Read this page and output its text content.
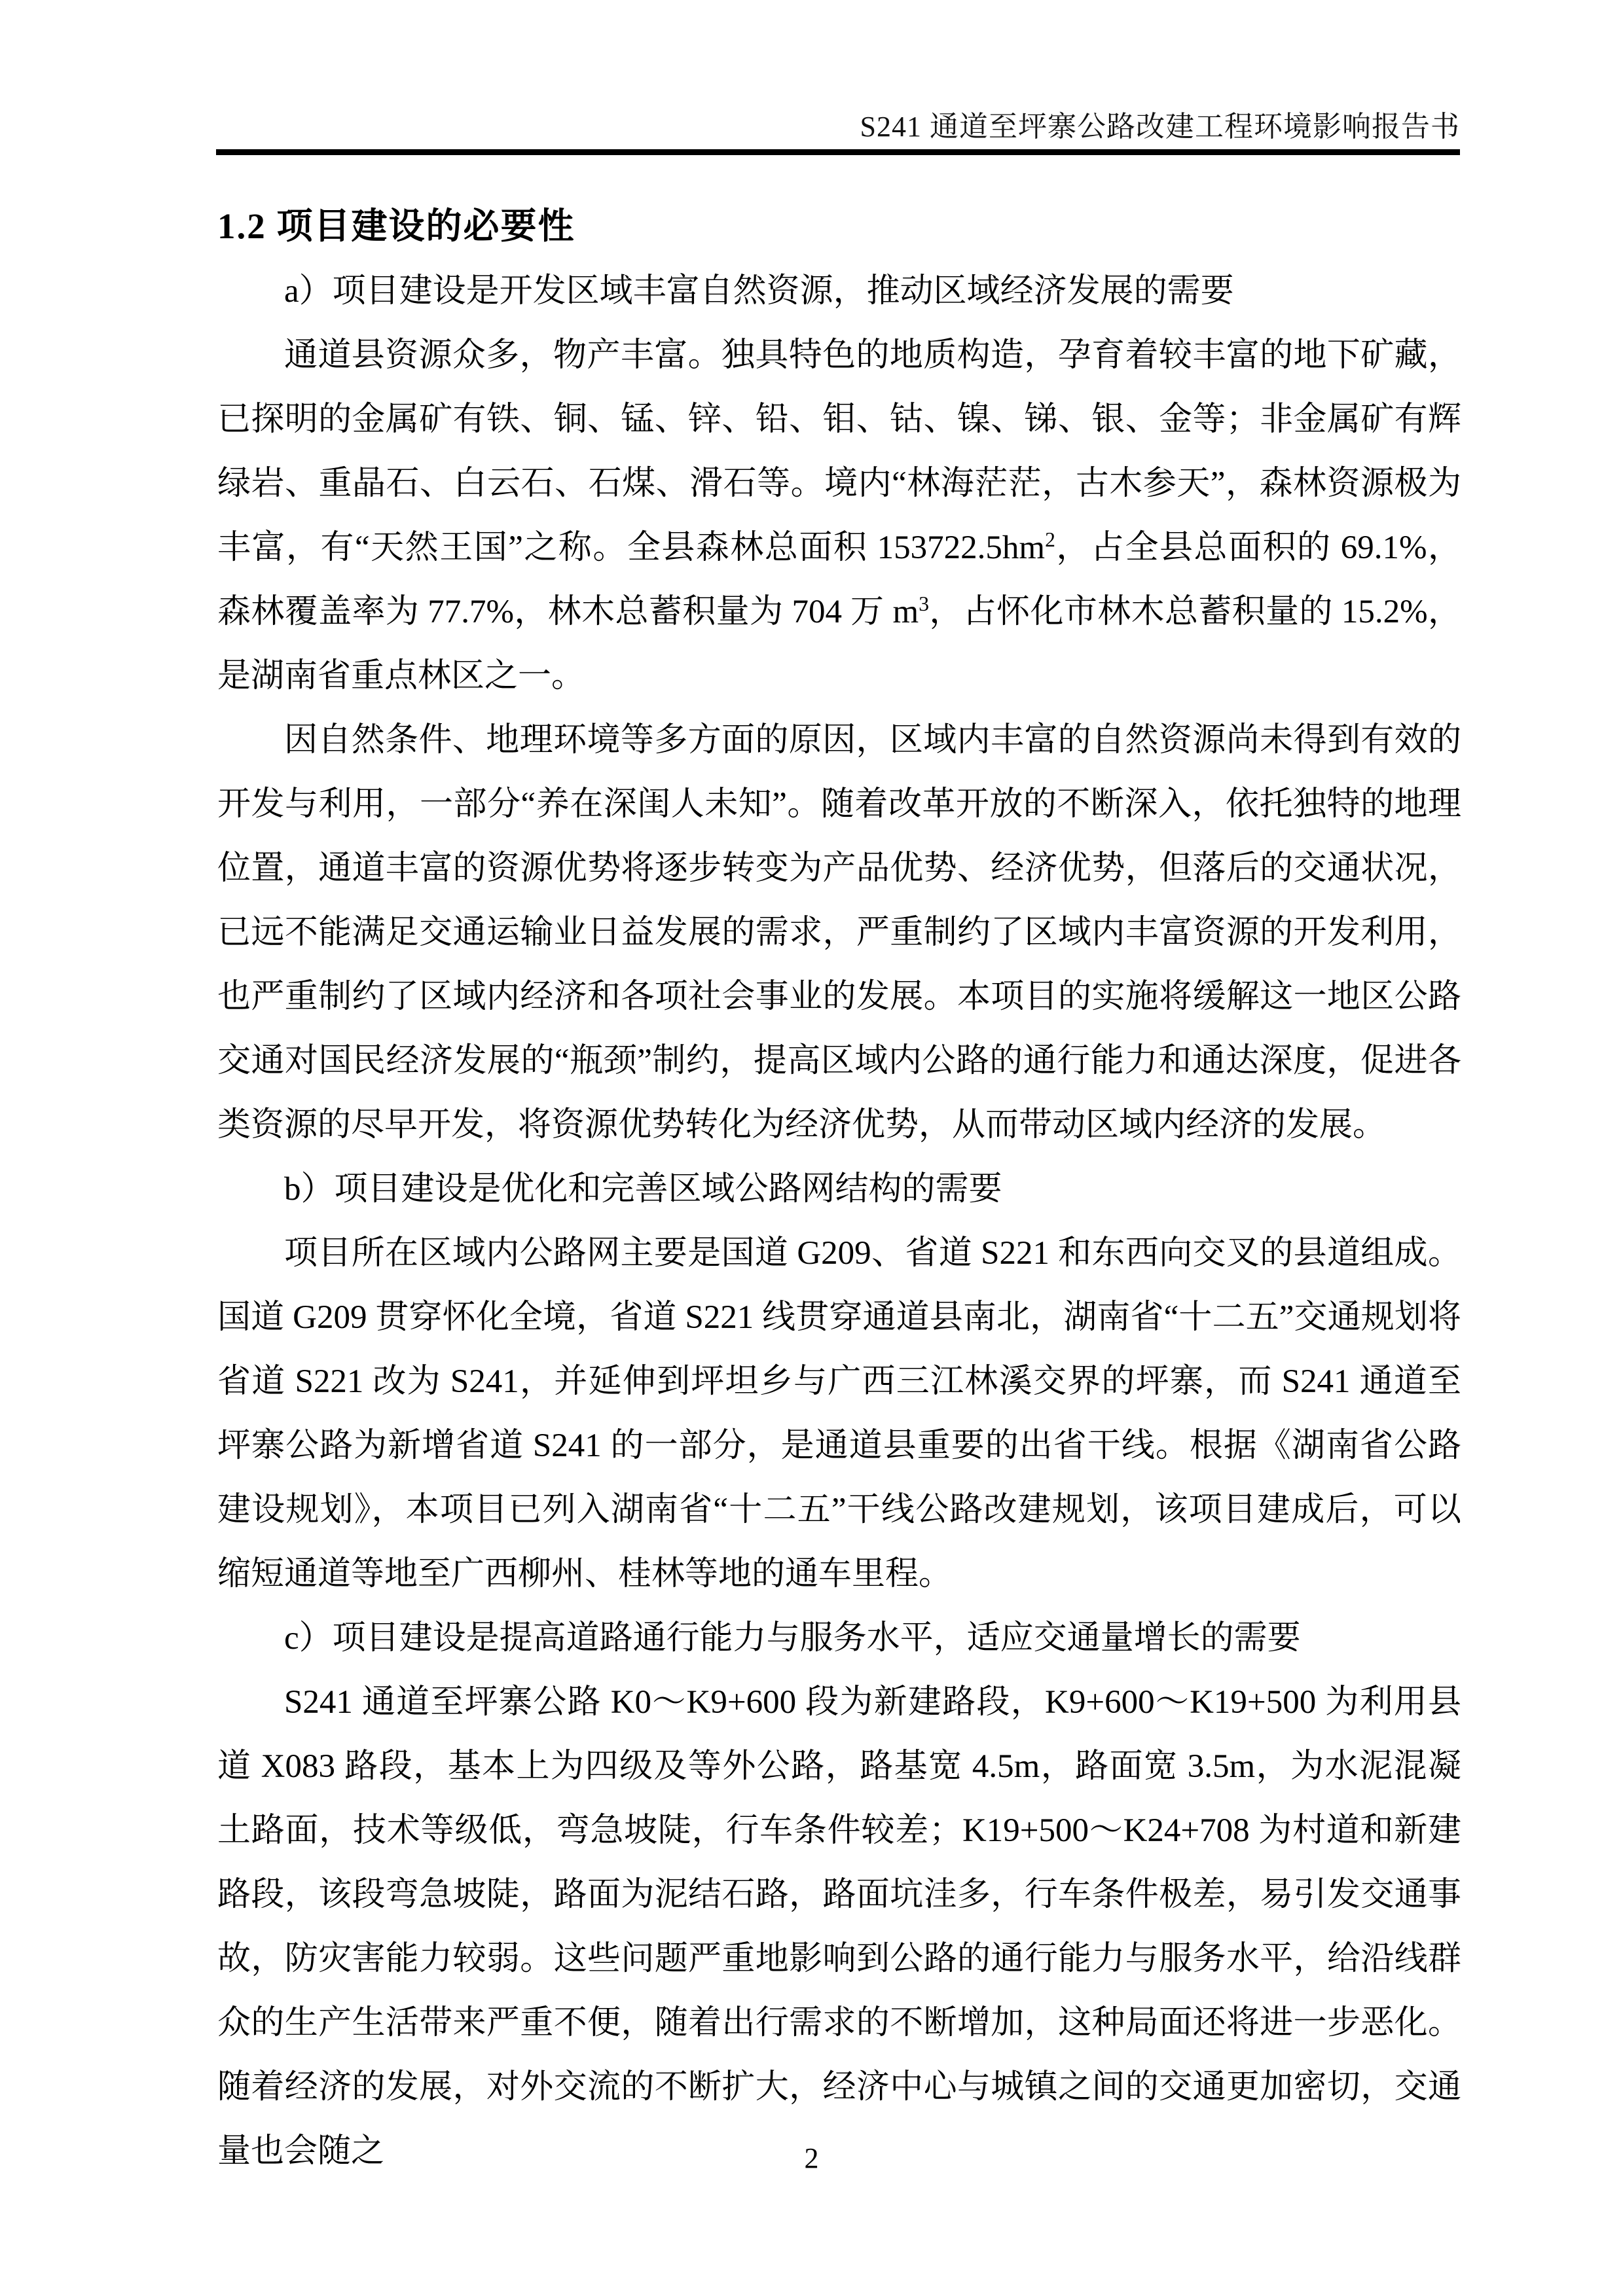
S241 通道至坪寨公路改建工程环境影响报告书
1.2 项目建设的必要性

a）项目建设是开发区域丰富自然资源，推动区域经济发展的需要

通道县资源众多，物产丰富。独具特色的地质构造，孕育着较丰富的地下矿藏，已探明的金属矿有铁、铜、锰、锌、铅、钼、钴、镍、锑、银、金等；非金属矿有辉绿岩、重晶石、白云石、石煤、滑石等。境内“林海茫茫，古木参天”，森林资源极为丰富，有“天然王国”之称。全县森林总面积 $153722.5hm^2$，占全县总面积的 69.1%，森林覆盖率为 77.7%，林木总蓄积量为 704 万 $m^3$，占怀化市林木总蓄积量的 15.2%，是湖南省重点林区之一。

因自然条件、地理环境等多方面的原因，区域内丰富的自然资源尚未得到有效的开发与利用，一部分“养在深闺人未知”。随着改革开放的不断深入，依托独特的地理位置，通道丰富的资源优势将逐步转变为产品优势、经济优势，但落后的交通状况，已远不能满足交通运输业日益发展的需求，严重制约了区域内丰富资源的开发利用，也严重制约了区域内经济和各项社会事业的发展。本项目的实施将缓解这一地区公路交通对国民经济发展的“瓶颈”制约，提高区域内公路的通行能力和通达深度，促进各类资源的尽早开发，将资源优势转化为经济优势，从而带动区域内经济的发展。

b）项目建设是优化和完善区域公路网结构的需要

项目所在区域内公路网主要是国道 G209、省道 S221 和东西向交叉的县道组成。国道 G209 贯穿怀化全境，省道 S221 线贯穿通道县南北，湖南省“十二五”交通规划将省道 S221 改为 S241，并延伸到坪坦乡与广西三江林溪交界的坪寨，而 S241 通道至坪寨公路为新增省道 S241 的一部分，是通道县重要的出省干线。根据《湖南省公路建设规划》，本项目已列入湖南省“十二五”干线公路改建规划，该项目建成后，可以缩短通道等地至广西柳州、桂林等地的通车里程。

c）项目建设是提高道路通行能力与服务水平，适应交通量增长的需要

S241 通道至坪寨公路 K0～K9+600 段为新建路段，K9+600～K19+500 为利用县道 X083 路段，基本上为四级及等外公路，路基宽 4.5m，路面宽 3.5m，为水泥混凝土路面，技术等级低，弯急坡陡，行车条件较差；K19+500～K24+708 为村道和新建路段，该段弯急坡陡，路面为泥结石路，路面坑洼多，行车条件极差，易引发交通事故，防灾害能力较弱。这些问题严重地影响到公路的通行能力与服务水平，给沿线群众的生产生活带来严重不便，随着出行需求的不断增加，这种局面还将进一步恶化。随着经济的发展，对外交流的不断扩大，经济中心与城镇之间的交通更加密切，交通量也会随之	2
